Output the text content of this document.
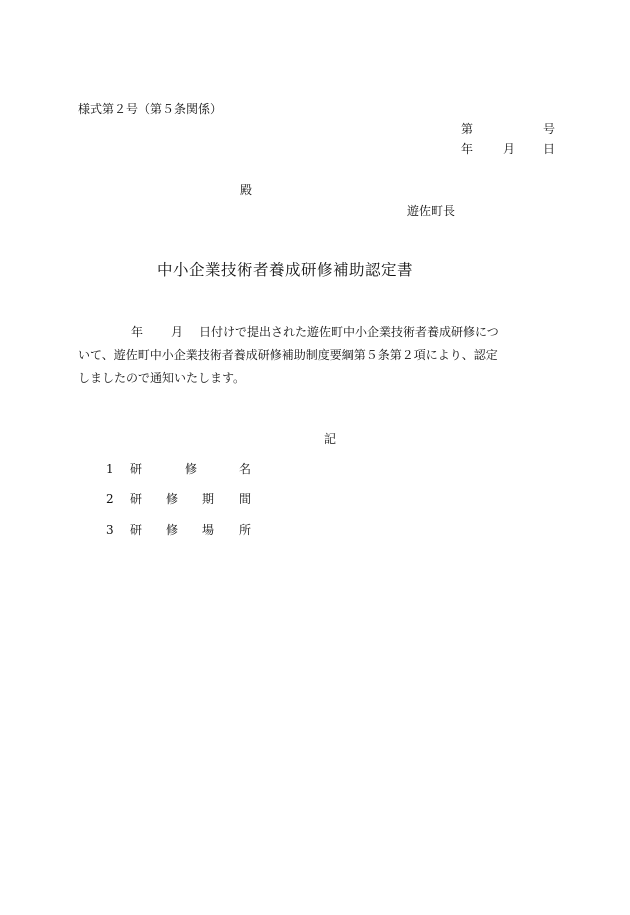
様式第２号（第５条関係）
第	号
年 月 日
殿
遊佐町長
中小企業技術者養成研修補助認定書

年 月 日付けで提出された遊佐町中小企業技術者養成研修につ

いて、遊佐町中小企業技術者養成研修補助制度要綱第５条第２項により、認定

しましたので通知いたします。

記
1 研	修	名
2 研 修 期 間
3 研 修 場 所
